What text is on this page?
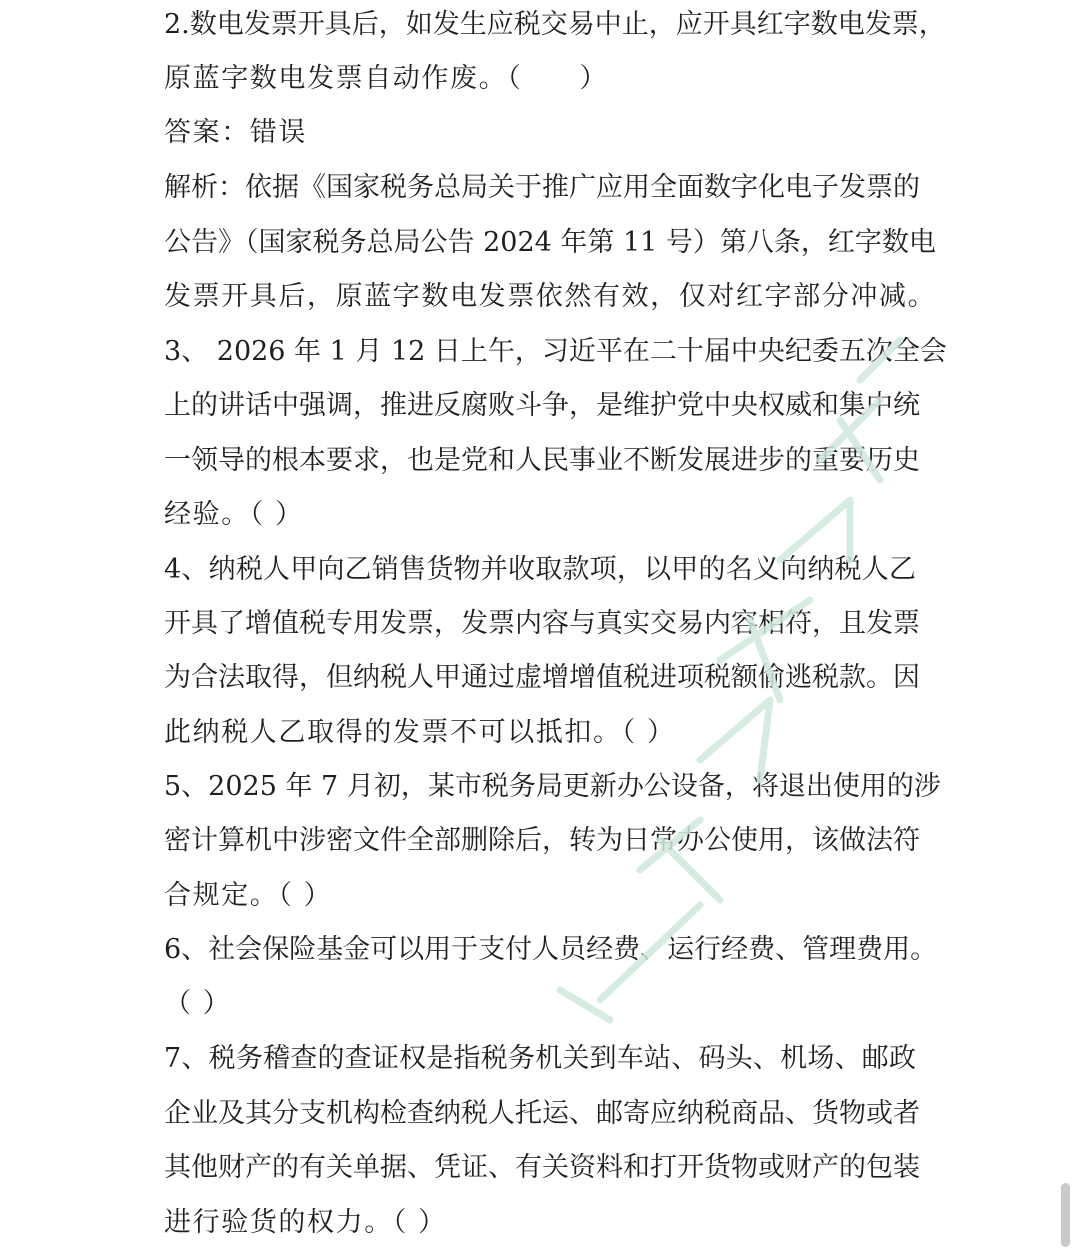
2.数电发票开具后，如发生应税交易中止，应开具红字数电发票，
原蓝字数电发票自动作废。（　　）
答案：错误
解析：依据《国家税务总局关于推广应用全面数字化电子发票的
公告》（国家税务总局公告 2024 年第 11 号）第八条，红字数电
发票开具后，原蓝字数电发票依然有效，仅对红字部分冲减。
3、 2026 年 1 月 12 日上午，习近平在二十届中央纪委五次全会
上的讲话中强调，推进反腐败斗争，是维护党中央权威和集中统
一领导的根本要求，也是党和人民事业不断发展进步的重要历史
经验。（ ）
4、纳税人甲向乙销售货物并收取款项，以甲的名义向纳税人乙
开具了增值税专用发票，发票内容与真实交易内容相符，且发票
为合法取得，但纳税人甲通过虚增增值税进项税额偷逃税款。因
此纳税人乙取得的发票不可以抵扣。（ ）
5、2025 年 7 月初，某市税务局更新办公设备，将退出使用的涉
密计算机中涉密文件全部删除后，转为日常办公使用，该做法符
合规定。（ ）
6、社会保险基金可以用于支付人员经费、运行经费、管理费用。
（ ）
7、税务稽查的查证权是指税务机关到车站、码头、机场、邮政
企业及其分支机构检查纳税人托运、邮寄应纳税商品、货物或者
其他财产的有关单据、凭证、有关资料和打开货物或财产的包装
进行验货的权力。（ ）
